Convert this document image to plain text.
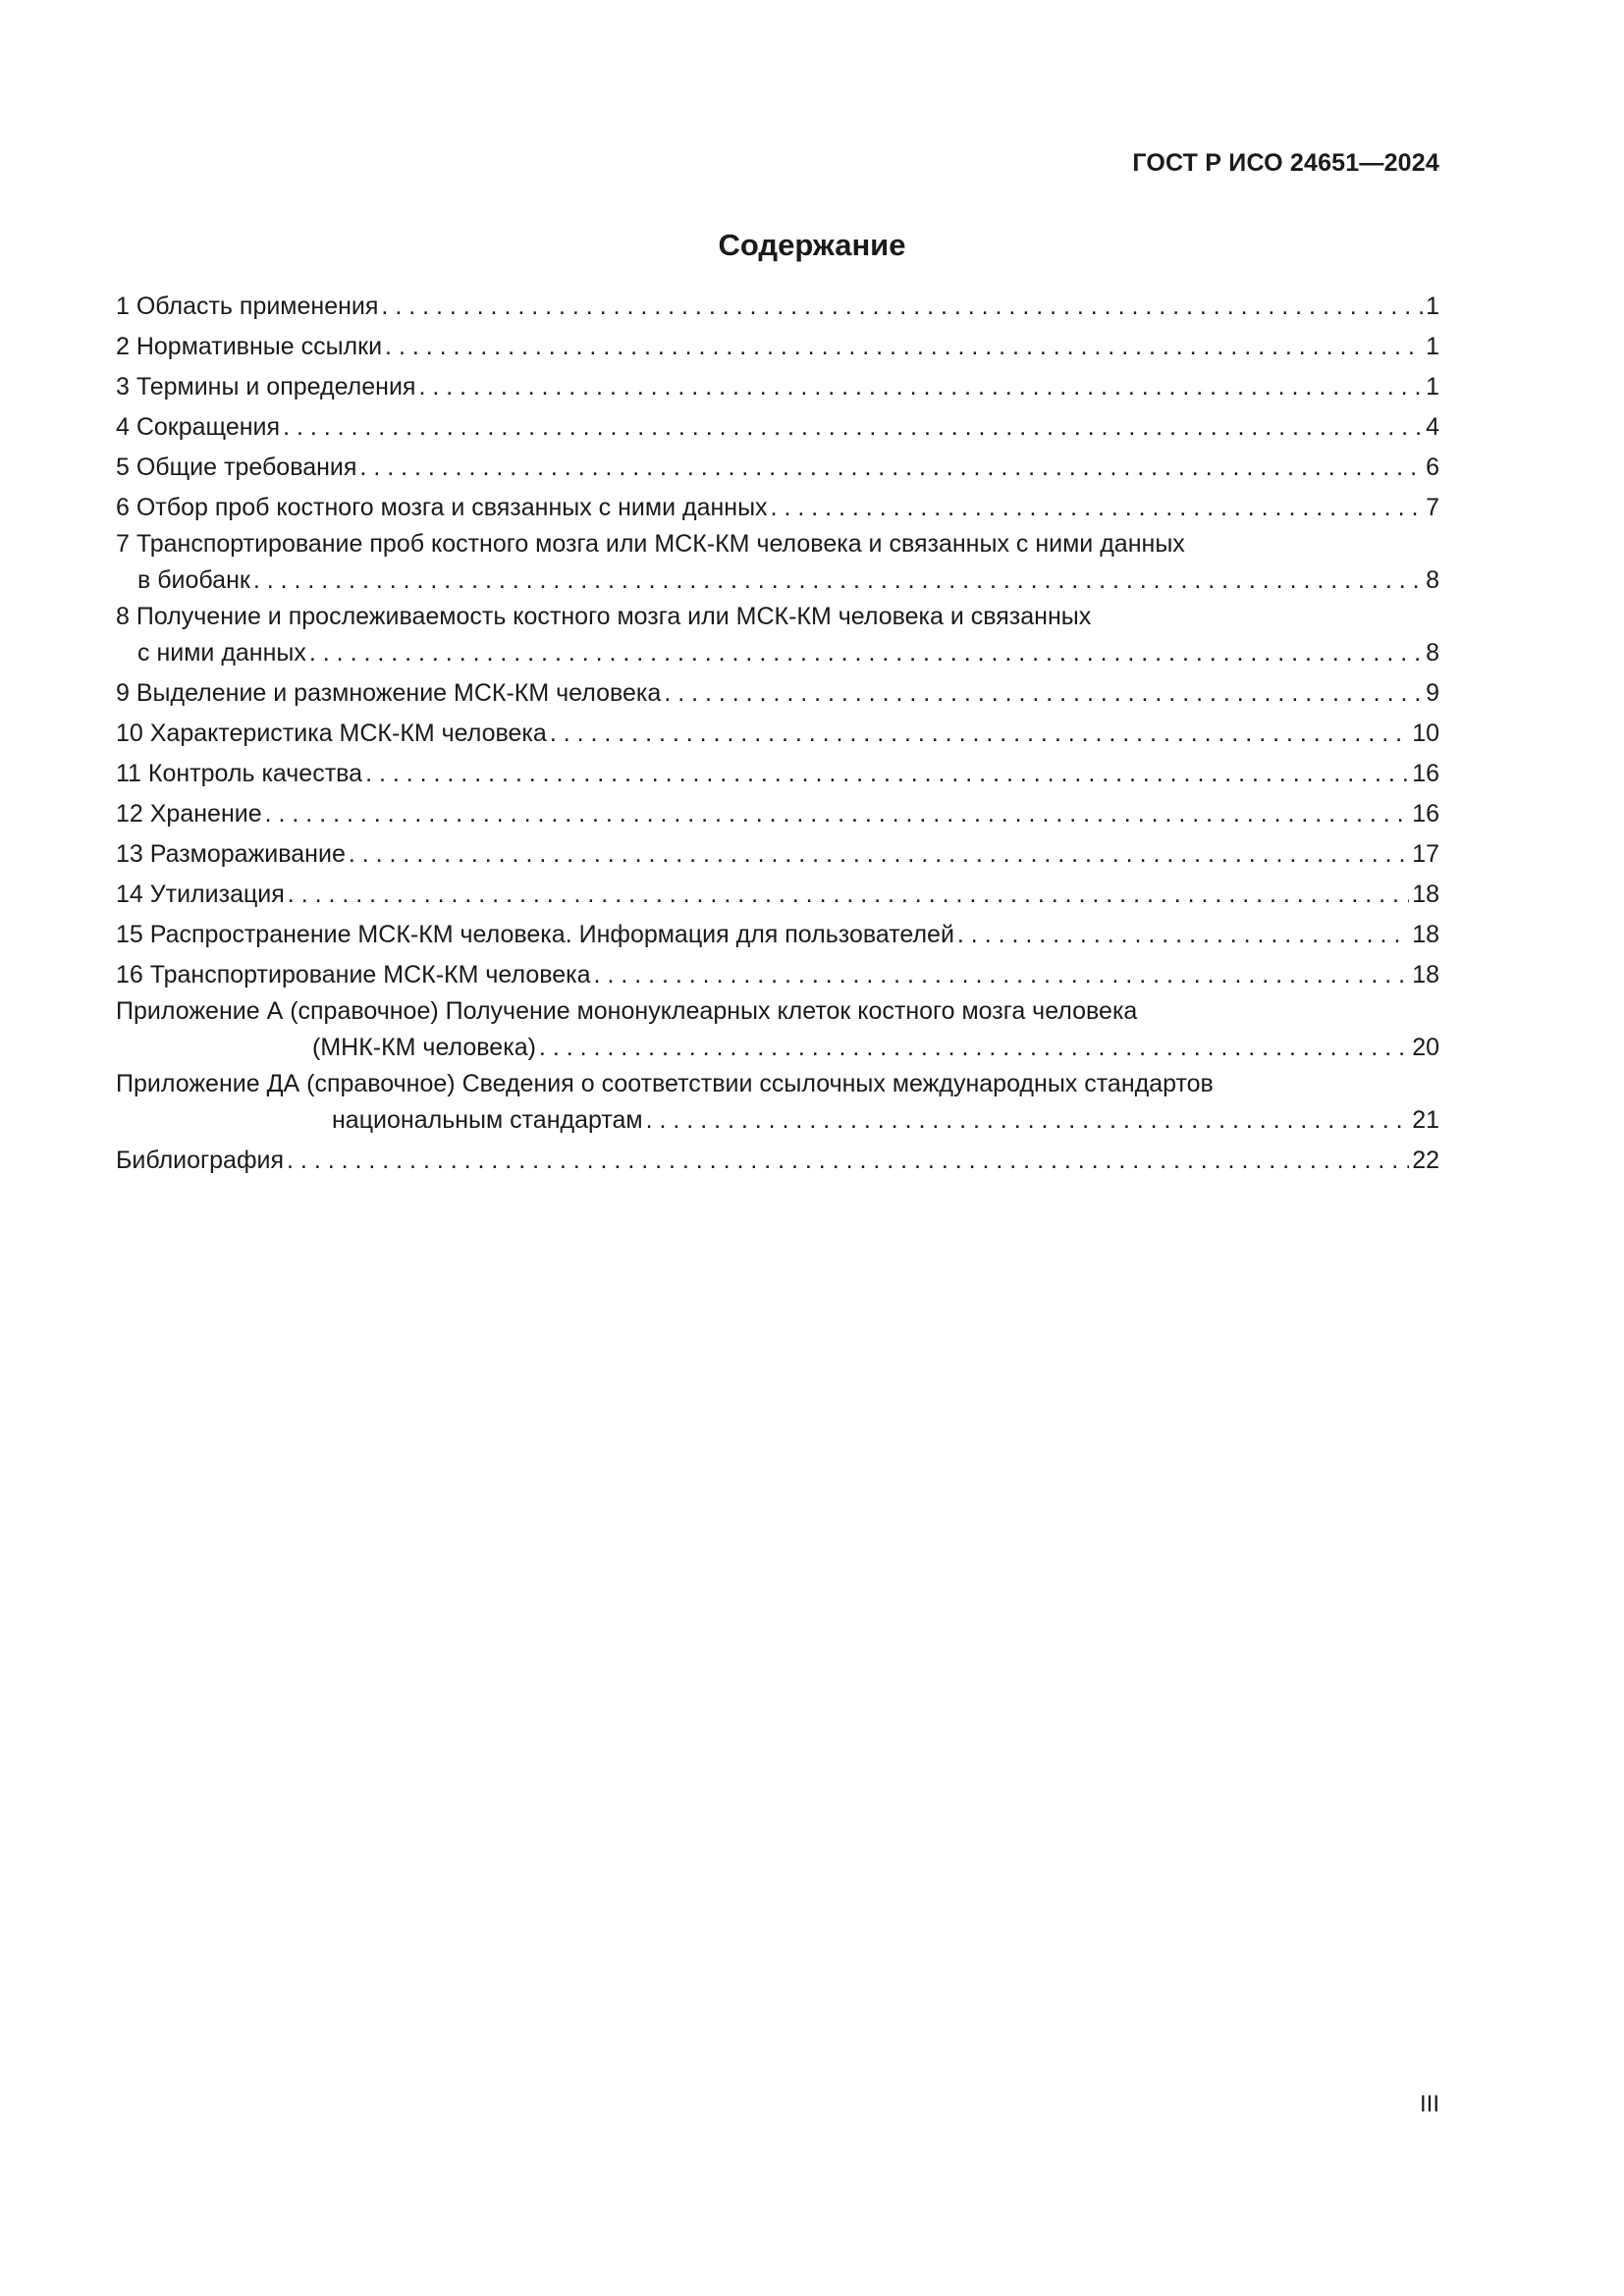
ГОСТ Р ИСО 24651—2024
Содержание
1 Область применения . . .	1
2 Нормативные ссылки . . .	1
3 Термины и определения . . .	1
4 Сокращения . . .	4
5 Общие требования . . .	6
6 Отбор проб костного мозга и связанных с ними данных . . .	7
7 Транспортирование проб костного мозга или МСК-КМ человека и связанных с ними данных
в биобанк . . .	8
8 Получение и прослеживаемость костного мозга или МСК-КМ человека и связанных
с ними данных . . .	8
9 Выделение и размножение МСК-КМ человека . . .	9
10 Характеристика МСК-КМ человека . . .	10
11 Контроль качества . . .	16
12 Хранение . . .	16
13 Размораживание . . .	17
14 Утилизация . . .	18
15 Распространение МСК-КМ человека. Информация для пользователей . . .	18
16 Транспортирование МСК-КМ человека . . .	18
Приложение А (справочное) Получение мононуклеарных клеток костного мозга человека
(МНК-КМ человека) . . .	20
Приложение ДА (справочное) Сведения о соответствии ссылочных международных стандартов
национальным стандартам . . .	21
Библиография . . .	22
III
